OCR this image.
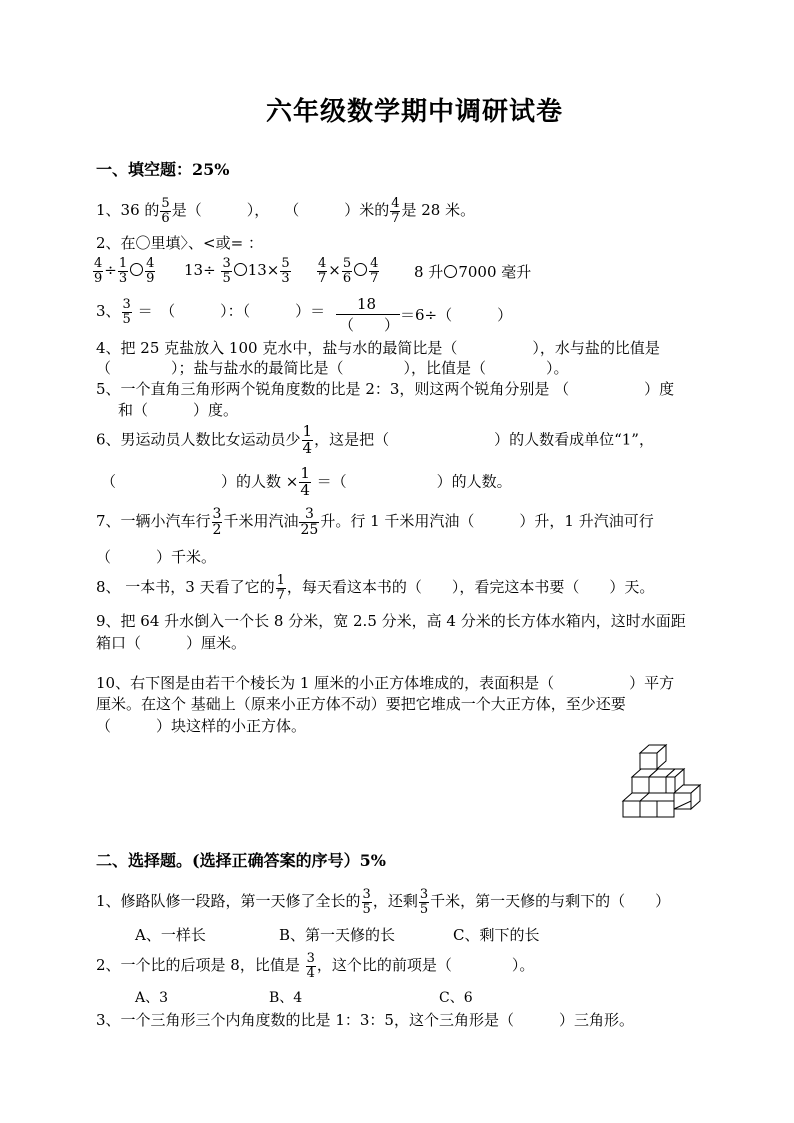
六年级数学期中调研试卷
一、填空题：25%
1、36 的 $\frac{5}{6}$ 是（　　　），　　（　　　）米的 $\frac{4}{7}$ 是 28 米。
2、在〇里填〉、<或= ：
$\frac{4}{9} \div \frac{1}{3} \frac{4}{9} 13\div \frac{3}{5} 13\times \frac{5}{3} \frac{4}{7} \times \frac{5}{6} \frac{4}{7} 8$ 升 7000 毫升
3、 $\frac{3}{5}$ ＝　（　　　）：（　　　）＝ 18
（　　）
＝6÷（　　　）
4、把 25 克盐放入 100 克水中，盐与水的最简比是（　　　　　），水与盐的比值是
（　　　　）；盐与盐水的最简比是（　　　　），比值是（　　　　）。
5、一个直角三角形两个锐角度数的比是 2：3，则这两个锐角分别是 （　　　　　）度
和（　　　）度。
6、男运动员人数比女运动员少 $\frac{1}{4}$ ，这是把（　　　　　　　）的人数看成单位“1”，
（　　　　　　　）的人数 × $\frac{1}{4}$ ＝（　　　　　　）的人数。
7、一辆小汽车行 $\frac{3}{2}$ 千米用汽油 $\frac{3}{25}$ 升。行 1 千米用汽油（　　　）升，1 升汽油可行
（　　　）千米。
8、 一本书，3 天看了它的 $\frac{1}{7}$ ，每天看这本书的（　　），看完这本书要（　　）天。
9、把 64 升水倒入一个长 8 分米，宽 2.5 分米，高 4 分米的长方体水箱内，这时水面距
箱口（　　　）厘米。
10、右下图是由若干个棱长为 1 厘米的小正方体堆成的，表面积是（　　　　　）平方
厘米。在这个 基础上（原来小正方体不动）要把它堆成一个大正方体，至少还要
（　　　）块这样的小正方体。
二、选择题。(选择正确答案的序号）5%
1、修路队修一段路，第一天修了全长的 $\frac{3}{5}$ ，还剩 $\frac{3}{5}$ 千米，第一天修的与剩下的（　　）
A、一样长	B、第一天修的长	C、剩下的长
2、一个比的后项是 8，比值是 $\frac{3}{4}$ ，这个比的前项是（　　　　）。
A、3	B、4	C、6
3、一个三角形三个内角度数的比是 1：3：5，这个三角形是（　　　）三角形。
